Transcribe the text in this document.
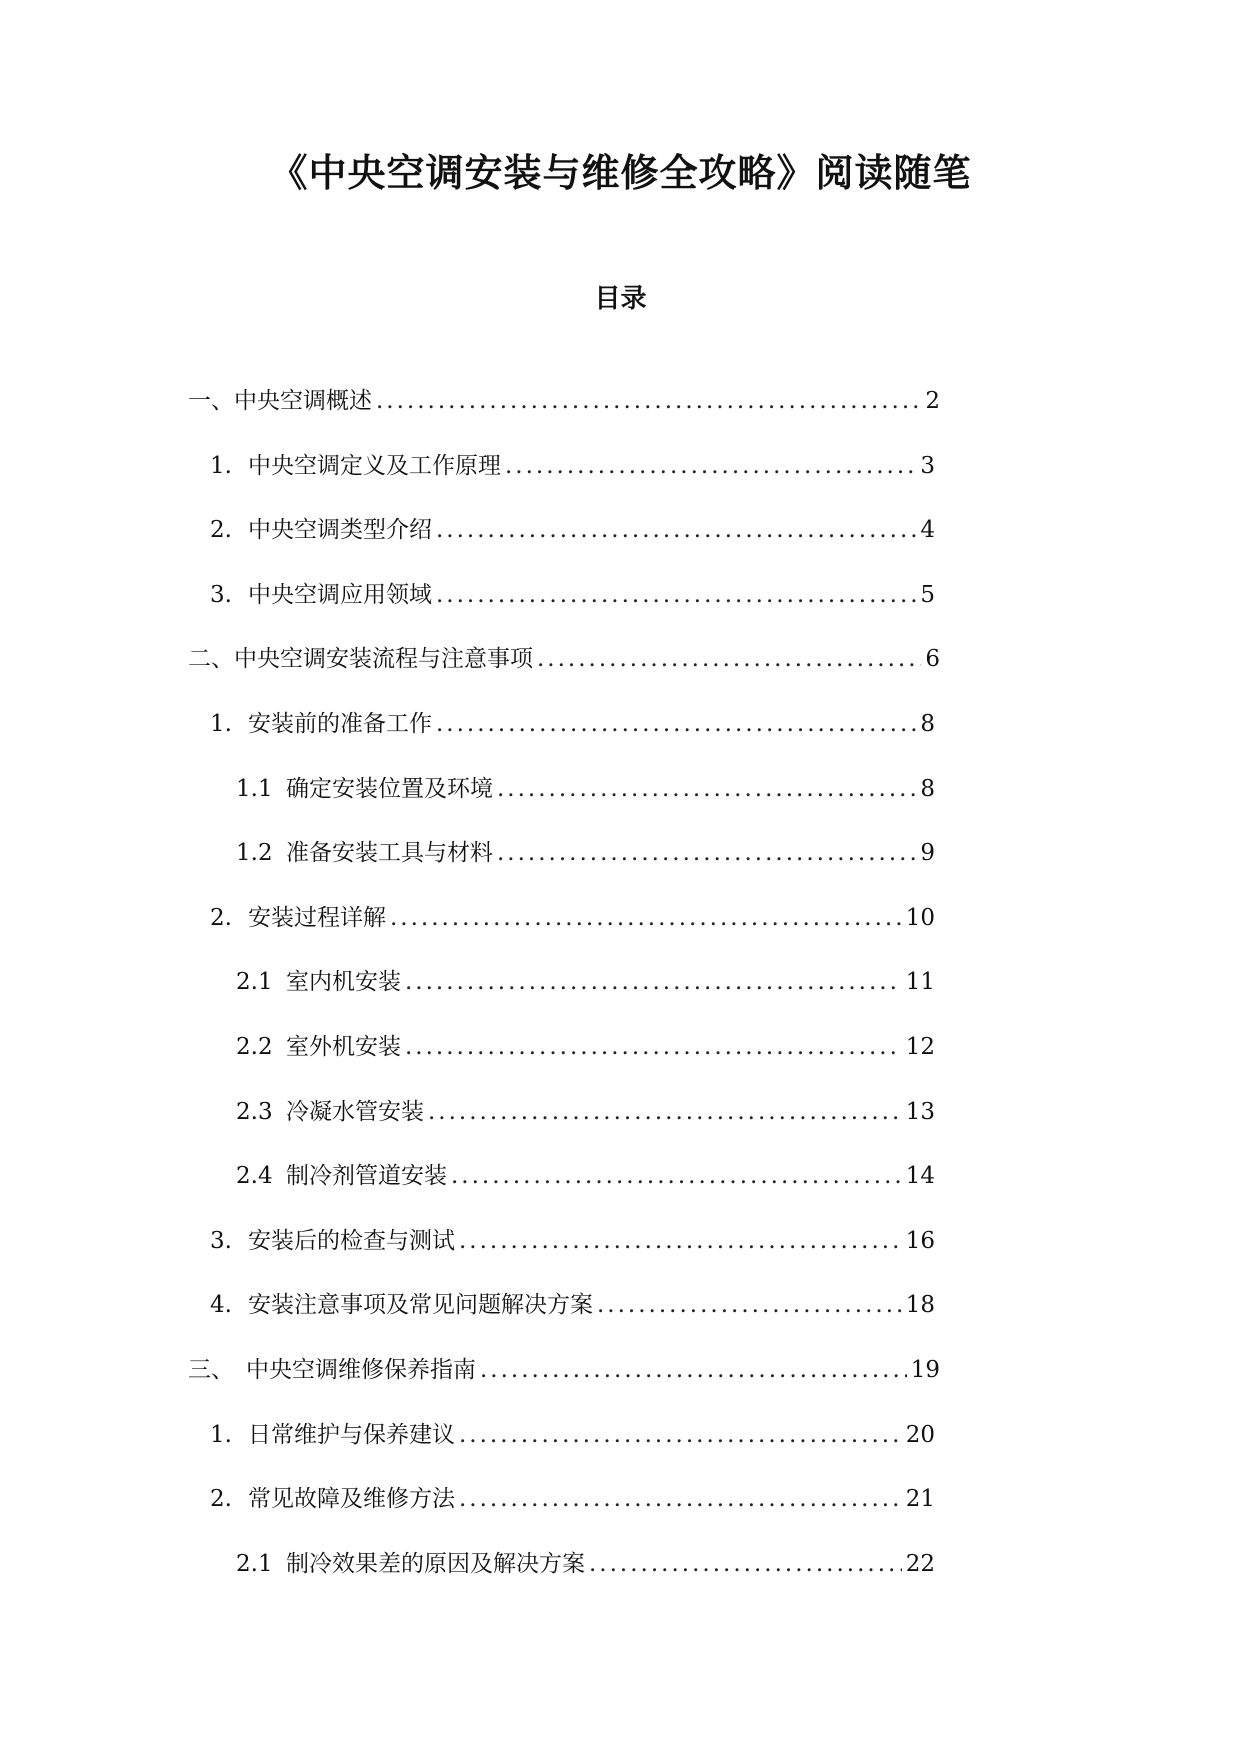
《中央空调安装与维修全攻略》阅读随笔
目录
一、 中央空调概述 .....	2
1. 中央空调定义及工作原理 .....	3
2. 中央空调类型介绍 .....	4
3. 中央空调应用领域 .....	5
二、 中央空调安装流程与注意事项 .....	6
1. 安装前的准备工作 .....	8
1.1 确定安装位置及环境 .....	8
1.2 准备安装工具与材料 .....	9
2. 安装过程详解 .....	10
2.1 室内机安装 .....	11
2.2 室外机安装 .....	12
2.3 冷凝水管安装 .....	13
2.4 制冷剂管道安装 .....	14
3. 安装后的检查与测试 .....	16
4. 安装注意事项及常见问题解决方案 .....	18
三、 中央空调维修保养指南 .....	19
1. 日常维护与保养建议 .....	20
2. 常见故障及维修方法 .....	21
2.1 制冷效果差的原因及解决方案 .....	22
